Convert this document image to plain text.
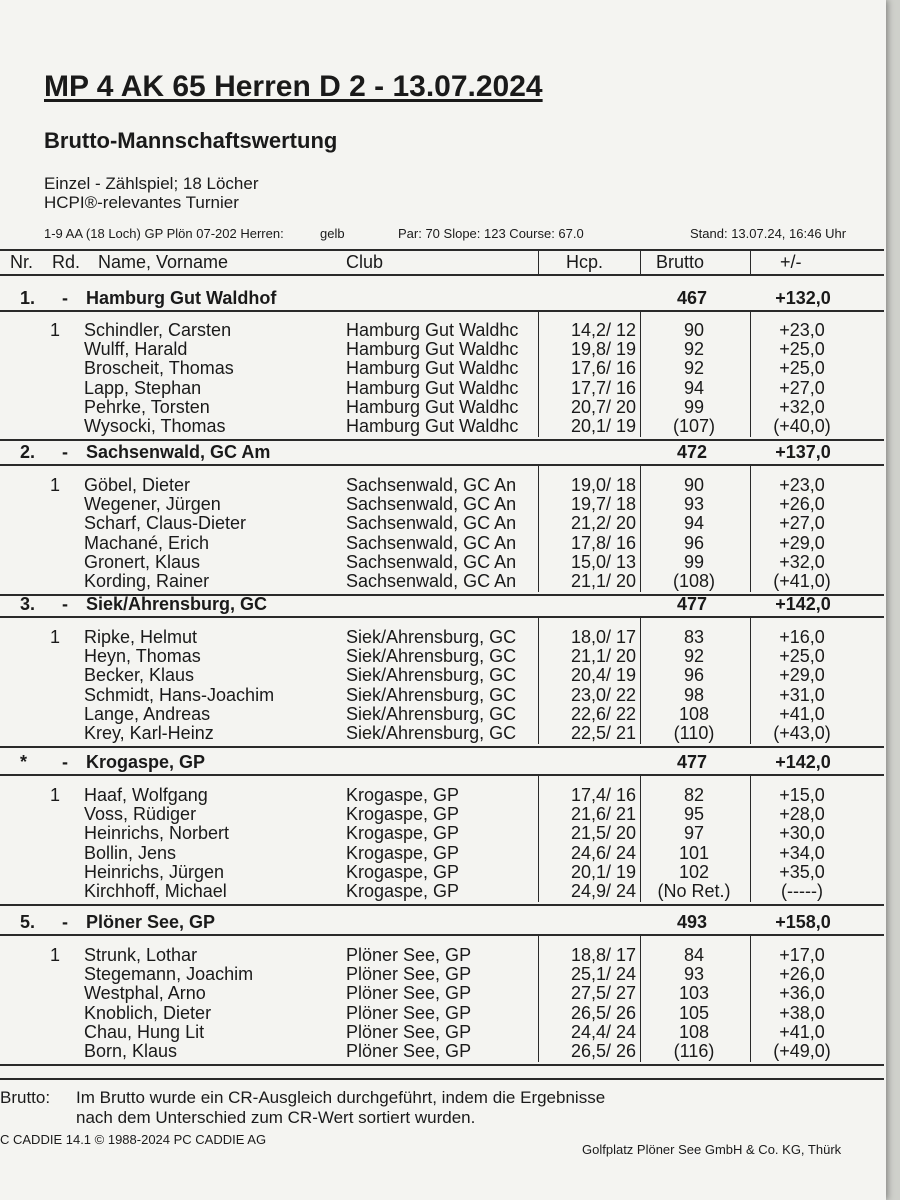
MP 4 AK 65 Herren D 2 - 13.07.2024
Brutto-Mannschaftswertung
Einzel - Zählspiel; 18 Löcher
HCPI®-relevantes Turnier
1-9 AA (18 Loch) GP Plön 07-202 Herren:	gelb	Par: 70 Slope: 123 Course: 67.0	Stand: 13.07.24, 16:46 Uhr
Nr. Rd. Name, Vorname	Club	Hcp.	Brutto	+/-
1. - Hamburg Gut Waldhof	467	+132,0
1 Schindler, Carsten	Hamburg Gut Waldhc	14,2/ 12	90	+23,0
Wulff, Harald	Hamburg Gut Waldhc	19,8/ 19	92	+25,0
Broscheit, Thomas	Hamburg Gut Waldhc	17,6/ 16	92	+25,0
Lapp, Stephan	Hamburg Gut Waldhc	17,7/ 16	94	+27,0
Pehrke, Torsten	Hamburg Gut Waldhc	20,7/ 20	99	+32,0
Wysocki, Thomas	Hamburg Gut Waldhc	20,1/ 19	(107)	(+40,0)
2. - Sachsenwald, GC Am	472	+137,0
1 Göbel, Dieter	Sachsenwald, GC An	19,0/ 18	90	+23,0
Wegener, Jürgen	Sachsenwald, GC An	19,7/ 18	93	+26,0
Scharf, Claus-Dieter	Sachsenwald, GC An	21,2/ 20	94	+27,0
Machané, Erich	Sachsenwald, GC An	17,8/ 16	96	+29,0
Gronert, Klaus	Sachsenwald, GC An	15,0/ 13	99	+32,0
Kording, Rainer	Sachsenwald, GC An	21,1/ 20	(108)	(+41,0)
3. - Siek/Ahrensburg, GC	477	+142,0
1 Ripke, Helmut	Siek/Ahrensburg, GC	18,0/ 17	83	+16,0
Heyn, Thomas	Siek/Ahrensburg, GC	21,1/ 20	92	+25,0
Becker, Klaus	Siek/Ahrensburg, GC	20,4/ 19	96	+29,0
Schmidt, Hans-Joachim	Siek/Ahrensburg, GC	23,0/ 22	98	+31,0
Lange, Andreas	Siek/Ahrensburg, GC	22,6/ 22	108	+41,0
Krey, Karl-Heinz	Siek/Ahrensburg, GC	22,5/ 21	(110)	(+43,0)
* - Krogaspe, GP	477	+142,0
1 Haaf, Wolfgang	Krogaspe, GP	17,4/ 16	82	+15,0
Voss, Rüdiger	Krogaspe, GP	21,6/ 21	95	+28,0
Heinrichs, Norbert	Krogaspe, GP	21,5/ 20	97	+30,0
Bollin, Jens	Krogaspe, GP	24,6/ 24	101	+34,0
Heinrichs, Jürgen	Krogaspe, GP	20,1/ 19	102	+35,0
Kirchhoff, Michael	Krogaspe, GP	24,9/ 24	(No Ret.)	(-----)
5. - Plöner See, GP	493	+158,0
1 Strunk, Lothar	Plöner See, GP	18,8/ 17	84	+17,0
Stegemann, Joachim	Plöner See, GP	25,1/ 24	93	+26,0
Westphal, Arno	Plöner See, GP	27,5/ 27	103	+36,0
Knoblich, Dieter	Plöner See, GP	26,5/ 26	105	+38,0
Chau, Hung Lit	Plöner See, GP	24,4/ 24	108	+41,0
Born, Klaus	Plöner See, GP	26,5/ 26	(116)	(+49,0)
Brutto: Im Brutto wurde ein CR-Ausgleich durchgeführt, indem die Ergebnisse
nach dem Unterschied zum CR-Wert sortiert wurden.
C CADDIE 14.1 © 1988-2024 PC CADDIE AG
Golfplatz Plöner See GmbH & Co. KG, Thürk
